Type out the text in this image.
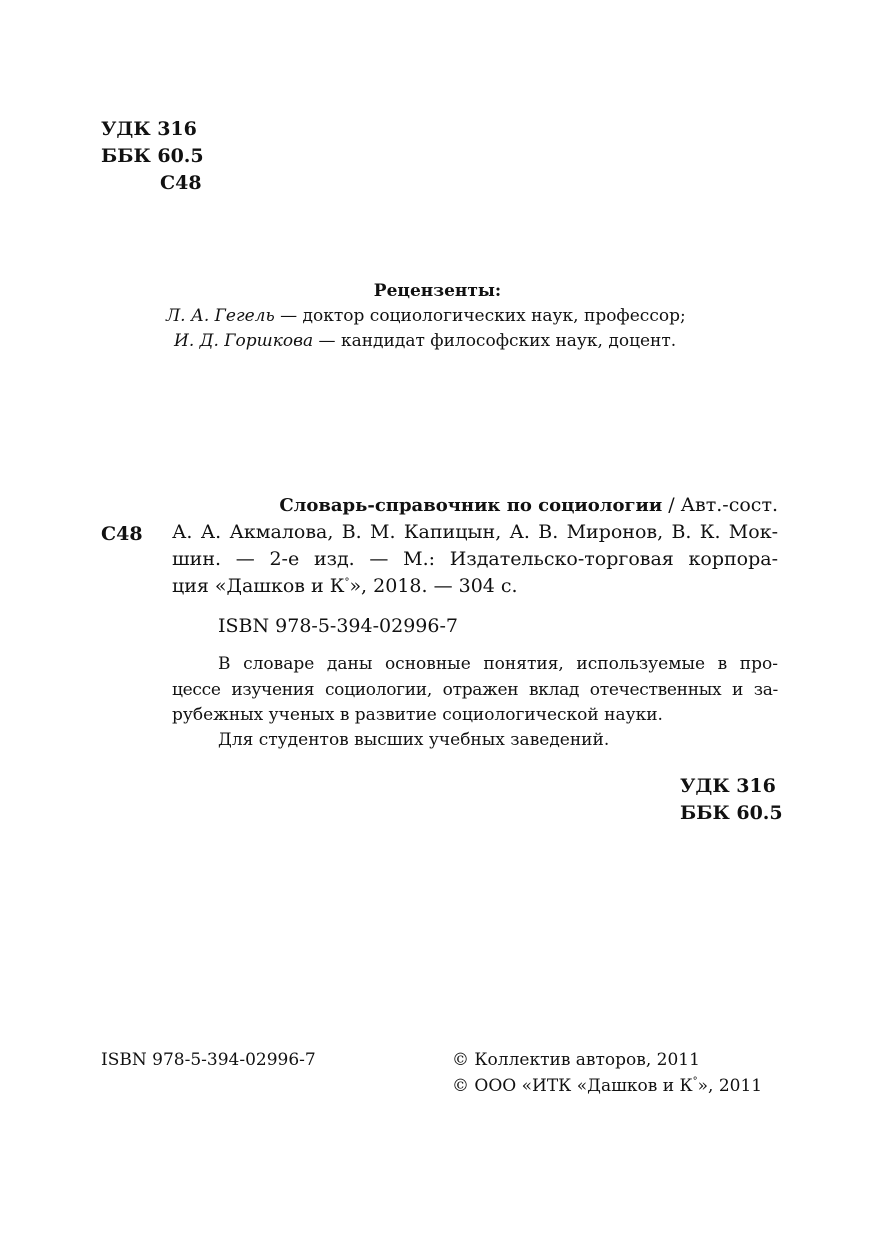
УДК 316
ББК 60.5
С48
Рецензенты:
Л. А. Гегель — доктор социологических наук, профессор;
И. Д. Горшкова — кандидат философских наук, доцент.
Словарь-справочник по социологии / Авт.-сост.
С48 А. А. Акмалова, В. М. Капицын, А. В. Миронов, В. К. Мок-
шин. — 2-е изд. — М.: Издательско-торговая корпора-
ция «Дашков и К°», 2018. — 304 с.
ISBN 978-5-394-02996-7
В словаре даны основные понятия, используемые в про-
цессе изучения социологии, отражен вклад отечественных и за-
рубежных ученых в развитие социологической науки.
Для студентов высших учебных заведений.
УДК 316
ББК 60.5
ISBN 978-5-394-02996-7	© Коллектив авторов, 2011
© ООО «ИТК «Дашков и К°», 2011
